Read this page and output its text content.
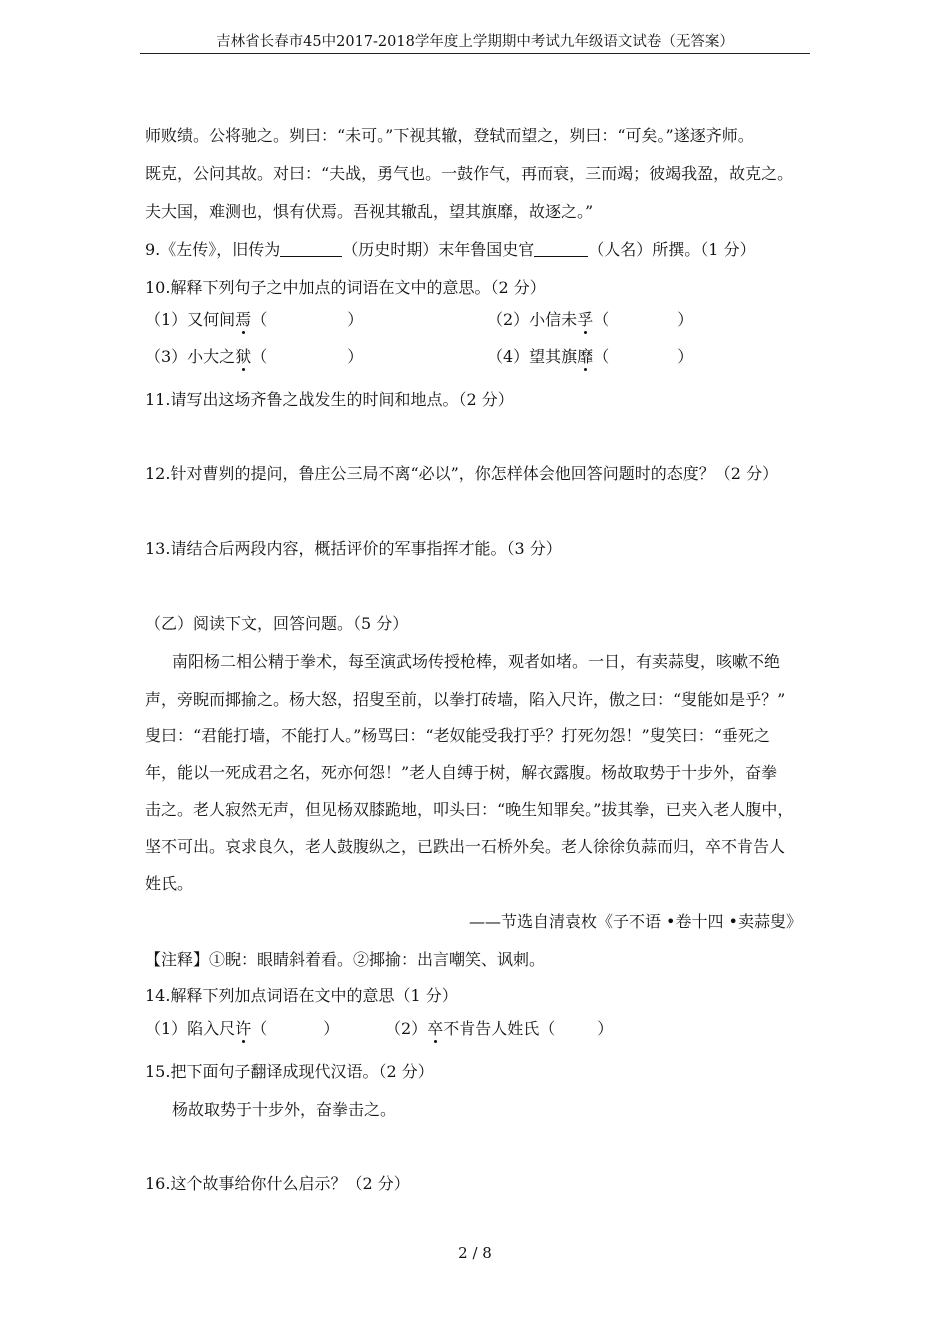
吉林省长春市45中2017-2018学年度上学期期中考试九年级语文试卷（无答案）
师败绩。公将驰之。刿曰：“未可。”下视其辙，登轼而望之，刿曰：“可矣。”遂逐齐师。
既克，公问其故。对曰：“夫战，勇气也。一鼓作气，再而衰，三而竭；彼竭我盈，故克之。
夫大国，难测也，惧有伏焉。吾视其辙乱，望其旗靡，故逐之。”
9.《左传》，旧传为	（历史时期）末年鲁国史官	（人名）所撰。（1 分）
10.解释下列句子之中加点的词语在文中的意思。（2 分）
（1）又何间焉（	）	（2）小信未孚（	）
（3）小大之狱（	）	（4）望其旗靡（	）
11.请写出这场齐鲁之战发生的时间和地点。（2 分）
12.针对曹刿的提问，鲁庄公三局不离“必以”，你怎样体会他回答问题时的态度？（2 分）
13.请结合后两段内容，概括评价的军事指挥才能。（3 分）
（乙）阅读下文，回答问题。（5 分）
南阳杨二相公精于拳术，每至演武场传授枪棒，观者如堵。一日，有卖蒜叟，咳嗽不绝
声，旁睨而揶揄之。杨大怒，招叟至前，以拳打砖墙，陷入尺许，傲之曰：“叟能如是乎？”
叟曰：“君能打墙，不能打人。”杨骂曰：“老奴能受我打乎？打死勿怨！”叟笑曰：“垂死之
年，能以一死成君之名，死亦何怨！”老人自缚于树，解衣露腹。杨故取势于十步外，奋拳
击之。老人寂然无声，但见杨双膝跪地，叩头曰：“晚生知罪矣。”拔其拳，已夹入老人腹中，
坚不可出。哀求良久，老人鼓腹纵之，已跌出一石桥外矣。老人徐徐负蒜而归，卒不肯告人
姓氏。
——节选自清袁枚《子不语 •卷十四 •卖蒜叟》
【注释】①睨：眼睛斜着看。②揶揄：出言嘲笑、讽刺。
14.解释下列加点词语在文中的意思（1 分）
（1）陷入尺许（	）	（2）卒不肯告人姓氏（	）
15.把下面句子翻译成现代汉语。（2 分）
杨故取势于十步外，奋拳击之。
16.这个故事给你什么启示？（2 分）
2 / 8
